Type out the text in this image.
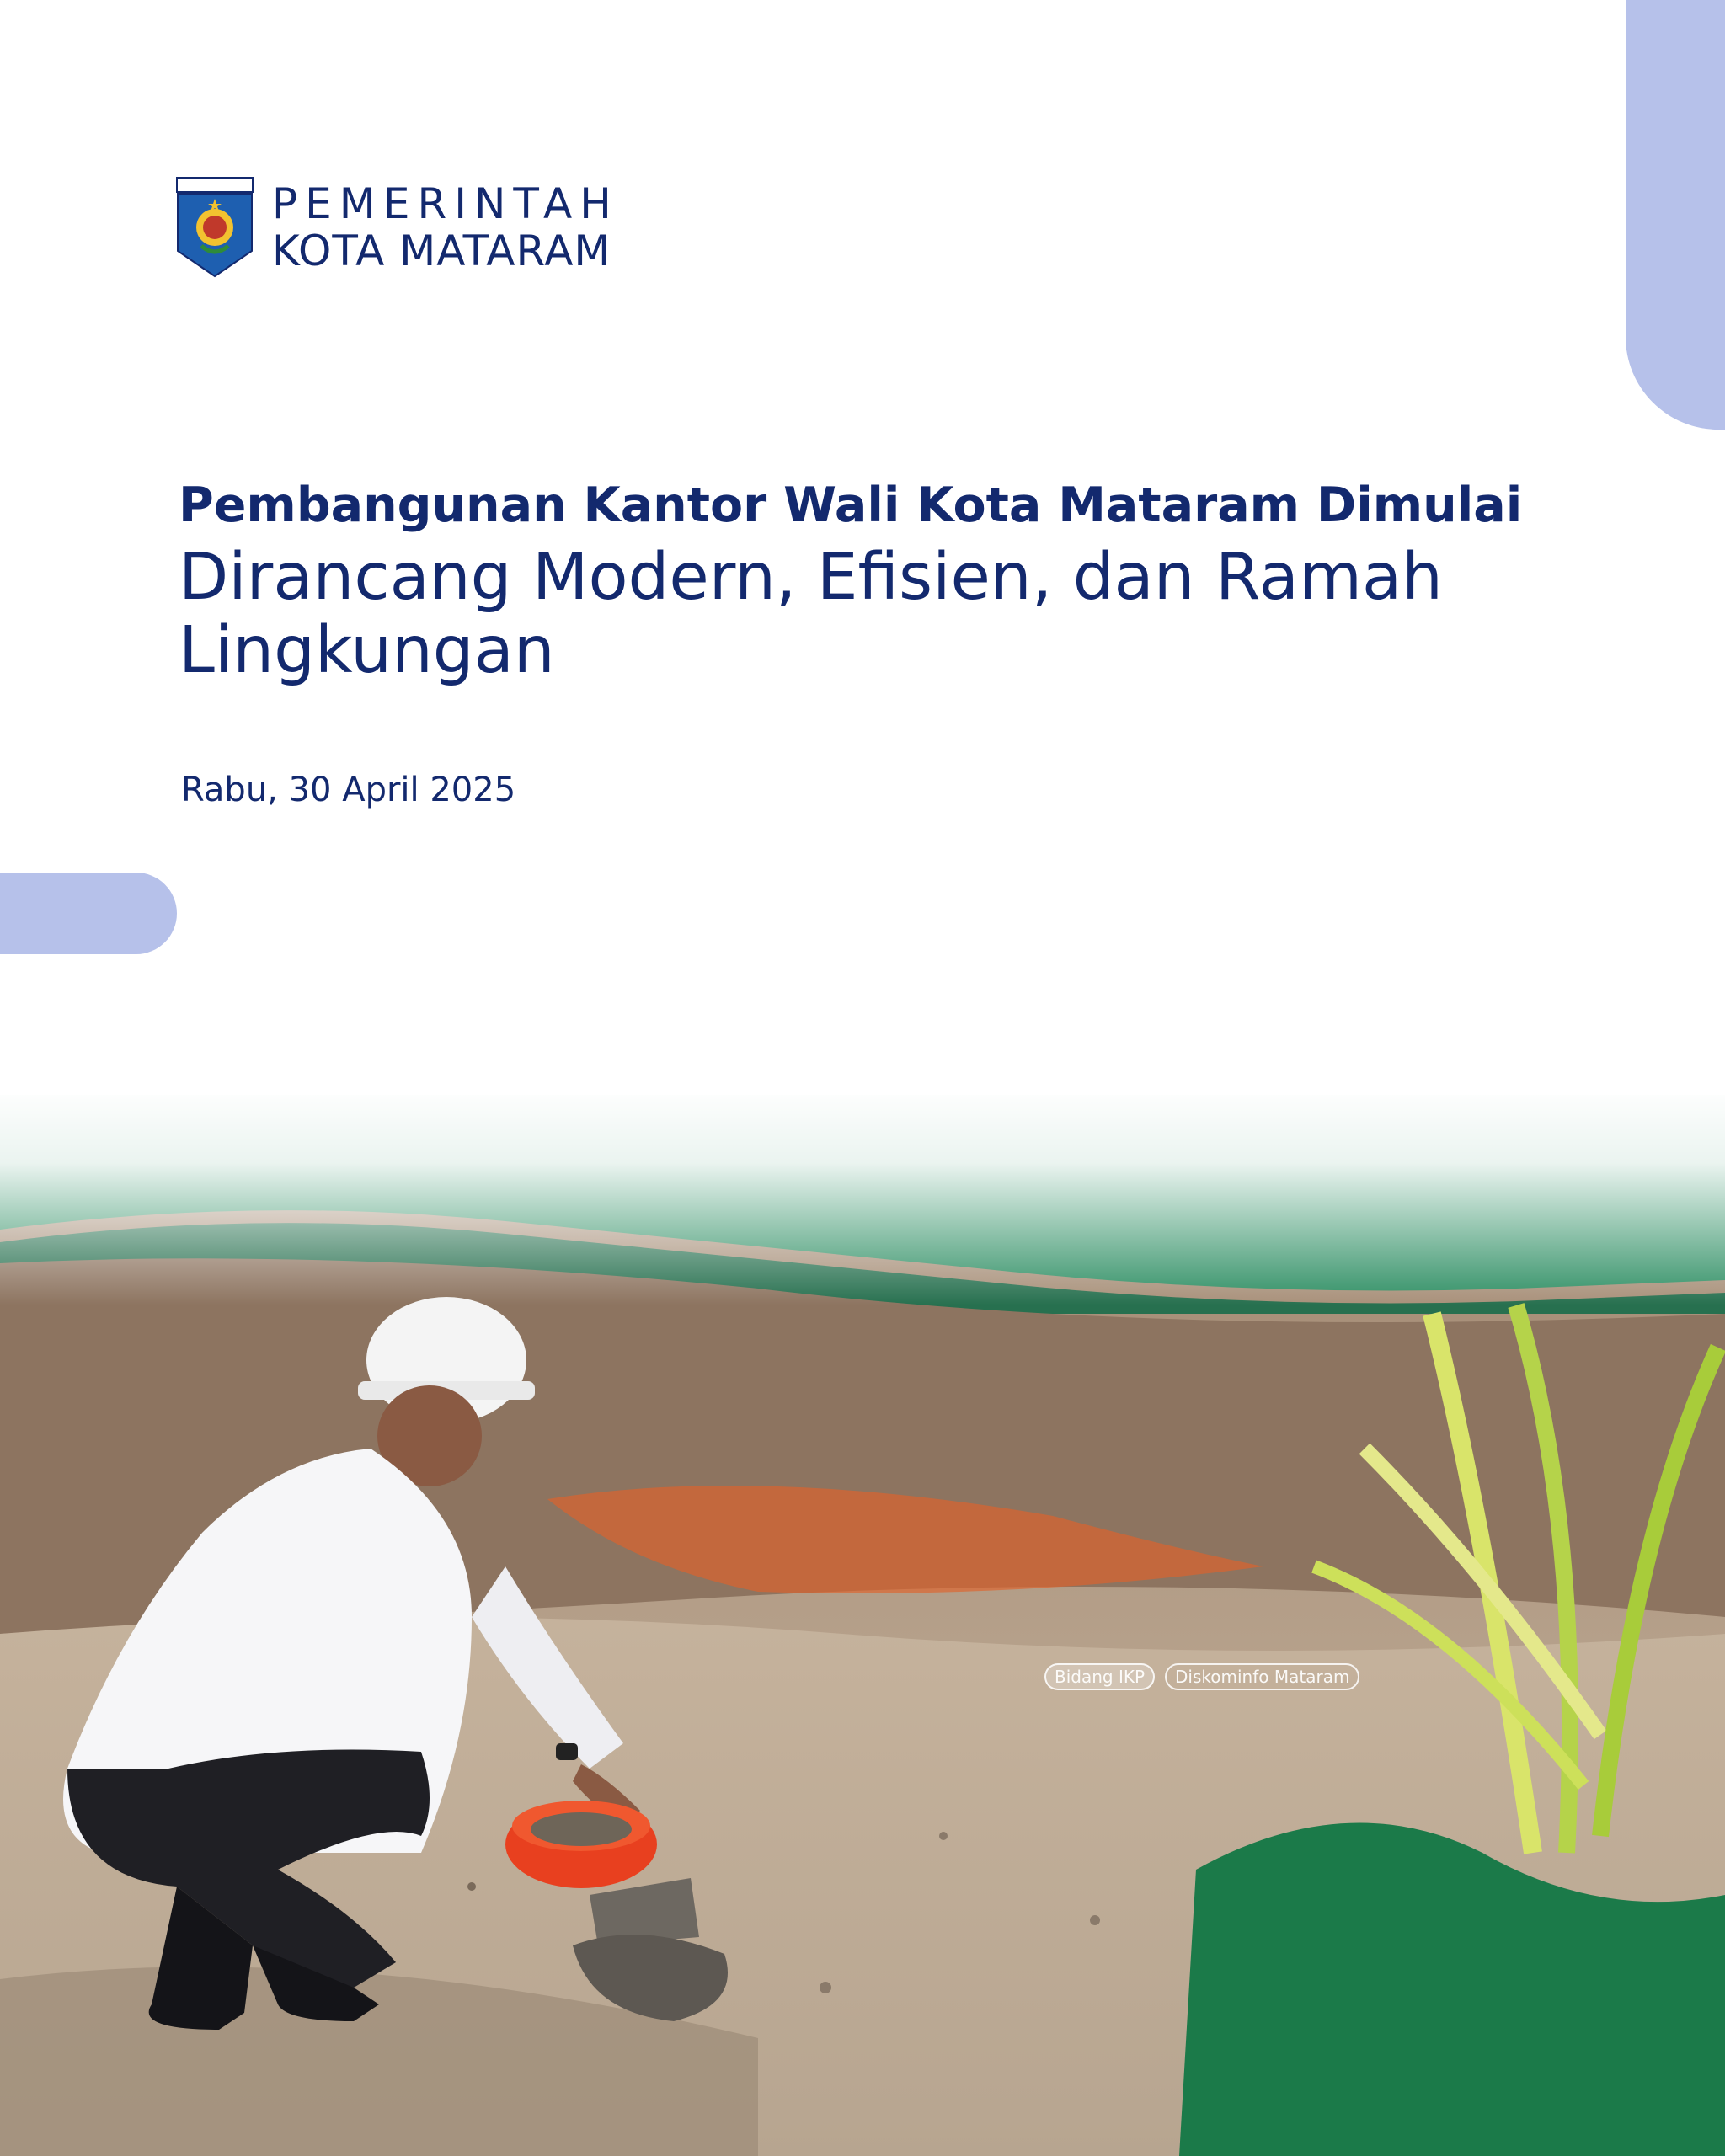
PEMERINTAH
KOTA MATARAM
Pembangunan Kantor Wali Kota Mataram Dimulai
Dirancang Modern, Efisien, dan Ramah Lingkungan
Rabu, 30 April 2025
Bidang IKP	Diskominfo Mataram
